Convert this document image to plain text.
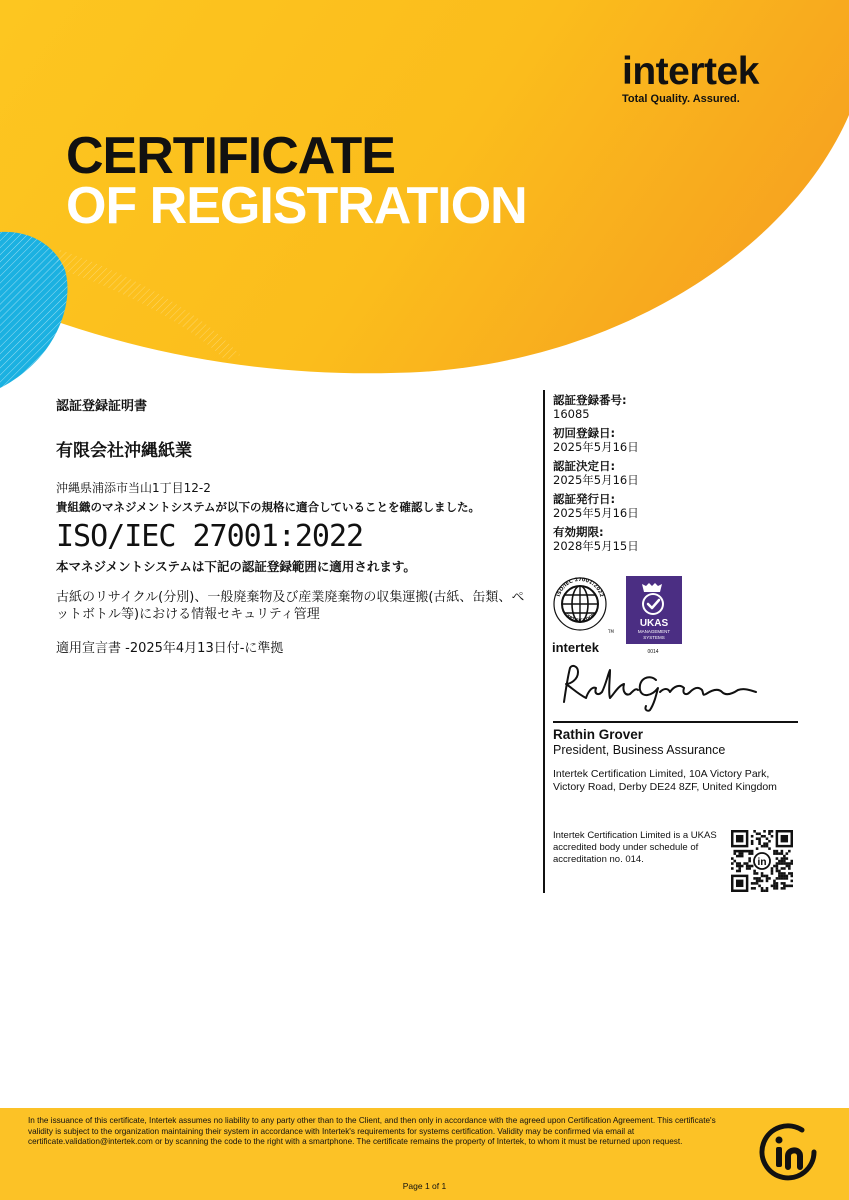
intertek
Total Quality. Assured.
CERTIFICATE
OF REGISTRATION
認証登録証明書
有限会社沖縄紙業
沖縄県浦添市当山1丁目12-2
貴組織のマネジメントシステムが以下の規格に適合していることを確認しました。
ISO/IEC 27001:2022
本マネジメントシステムは下記の認証登録範囲に適用されます。
古紙のリサイクル(分別)、一般廃棄物及び産業廃棄物の収集運搬(古紙、缶類、ペットボトル等)における情報セキュリティ管理
適用宣言書 -2025年4月13日付-に準拠
認証登録番号:
16085
初回登録日:
2025年5月16日
認証決定日:
2025年5月16日
認証発行日:
2025年5月16日
有効期限:
2028年5月15日
ISO/IEC 27001:2022
CERTIFICATION
TM
intertek
UKAS
MANAGEMENT
SYSTEMS
0014
Rathin Grover
President, Business Assurance
Intertek Certification Limited, 10A Victory Park, Victory Road, Derby DE24 8ZF, United Kingdom
Intertek Certification Limited is a UKAS accredited body under schedule of accreditation no. 014.	in
In the issuance of this certificate, Intertek assumes no liability to any party other than to the Client, and then only in accordance with the agreed upon Certification Agreement. This certificate's validity is subject to the organization maintaining their system in accordance with Intertek's requirements for systems certification. Validity may be confirmed via email at certificate.validation@intertek.com or by scanning the code to the right with a smartphone. The certificate remains the property of Intertek, to whom it must be returned upon request.
Page 1 of 1
